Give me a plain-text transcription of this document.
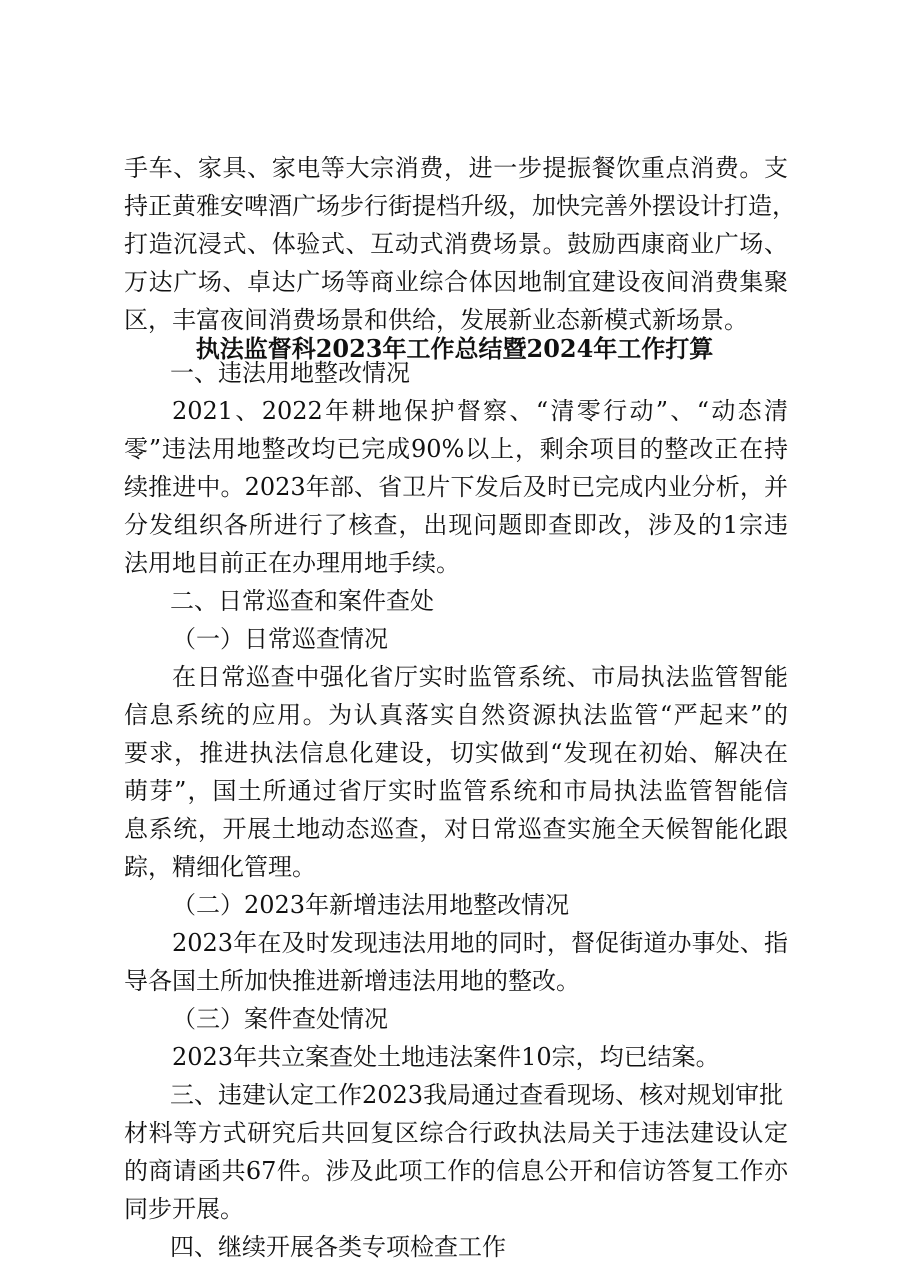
手车、家具、家电等大宗消费，进一步提振餐饮重点消费。支
持正黄雅安啤酒广场步行街提档升级，加快完善外摆设计打造，
打造沉浸式、体验式、互动式消费场景。鼓励西康商业广场、
万达广场、卓达广场等商业综合体因地制宜建设夜间消费集聚
区，丰富夜间消费场景和供给，发展新业态新模式新场景。
执法监督科2023年工作总结暨2024年工作打算
一、违法用地整改情况
2021、2022年耕地保护督察、“清零行动”、“动态清
零”违法用地整改均已完成90%以上，剩余项目的整改正在持
续推进中。2023年部、省卫片下发后及时已完成内业分析，并
分发组织各所进行了核查，出现问题即查即改，涉及的1宗违
法用地目前正在办理用地手续。
二、日常巡查和案件查处
（一）日常巡查情况
在日常巡查中强化省厅实时监管系统、市局执法监管智能
信息系统的应用。为认真落实自然资源执法监管“严起来”的
要求，推进执法信息化建设，切实做到“发现在初始、解决在
萌芽”，国土所通过省厅实时监管系统和市局执法监管智能信
息系统，开展土地动态巡查，对日常巡查实施全天候智能化跟
踪，精细化管理。
（二）2023年新增违法用地整改情况
2023年在及时发现违法用地的同时，督促街道办事处、指
导各国土所加快推进新增违法用地的整改。
（三）案件查处情况
2023年共立案查处土地违法案件10宗，均已结案。
三、违建认定工作2023我局通过查看现场、核对规划审批
材料等方式研究后共回复区综合行政执法局关于违法建设认定
的商请函共67件。涉及此项工作的信息公开和信访答复工作亦
同步开展。
四、继续开展各类专项检查工作
